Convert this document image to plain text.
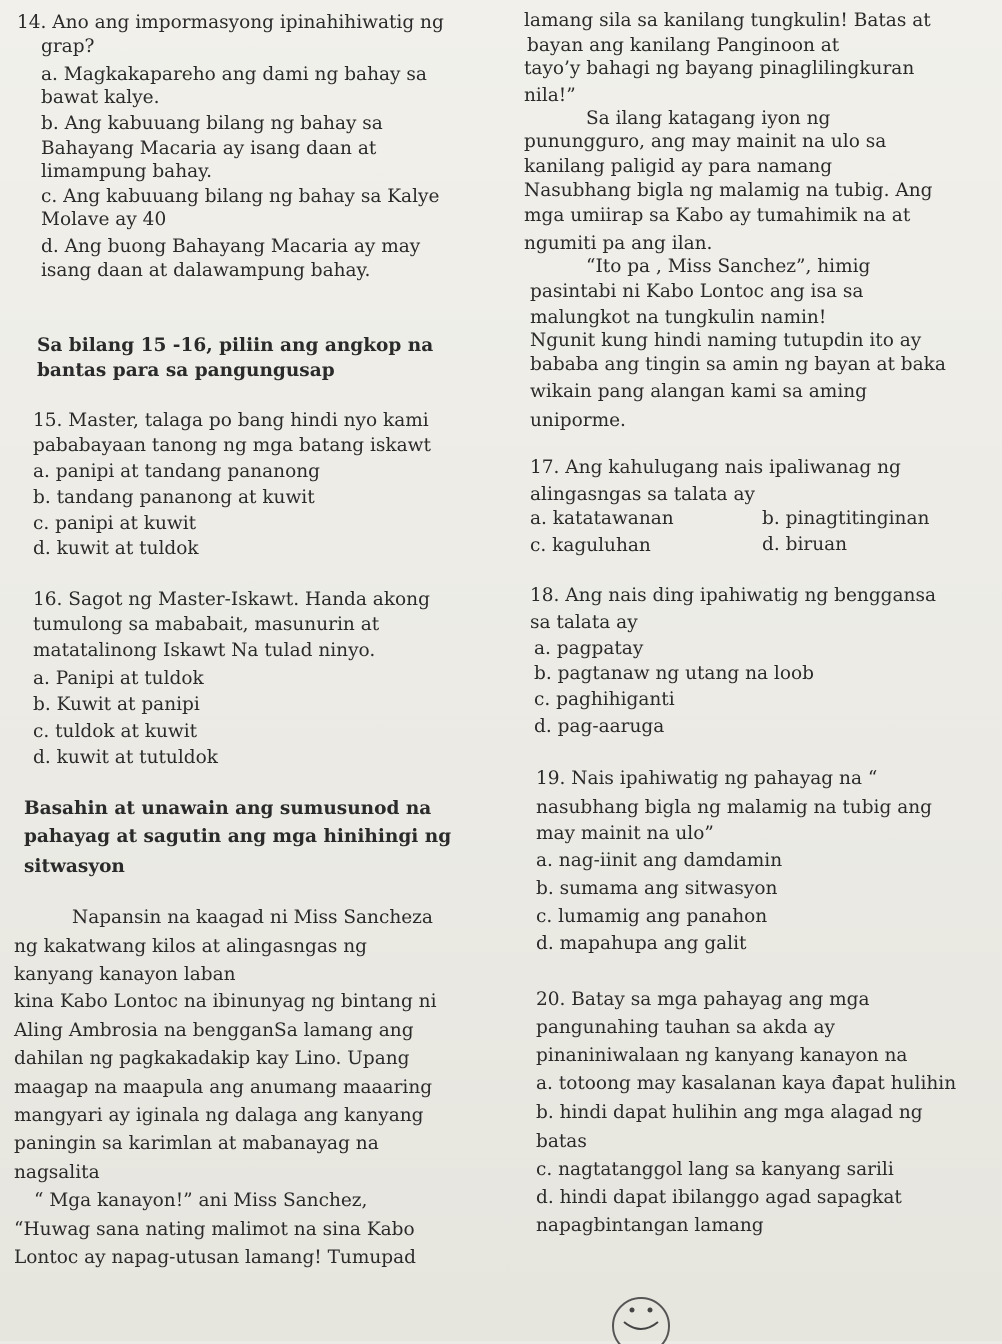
14. Ano ang impormasyong ipinahihiwatig ng
grap?
a. Magkakapareho ang dami ng bahay sa
bawat kalye.
b. Ang kabuuang bilang ng bahay sa
Bahayang Macaria ay isang daan at
limampung bahay.
c. Ang kabuuang bilang ng bahay sa Kalye
Molave ay 40
d. Ang buong Bahayang Macaria ay may
isang daan at dalawampung bahay.
Sa bilang 15 -16, piliin ang angkop na
bantas para sa pangungusap
15. Master, talaga po bang hindi nyo kami
pababayaan tanong ng mga batang iskawt
a. panipi at tandang pananong
b. tandang pananong at kuwit
c. panipi at kuwit
d. kuwit at tuldok
16. Sagot ng Master-Iskawt. Handa akong
tumulong sa mababait, masunurin at
matatalinong Iskawt Na tulad ninyo.
a. Panipi at tuldok
b. Kuwit at panipi
c. tuldok at kuwit
d. kuwit at tutuldok
Basahin at unawain ang sumusunod na
pahayag at sagutin ang mga hinihingi ng
sitwasyon
Napansin na kaagad ni Miss Sancheza
ng kakatwang kilos at alingasngas ng
kanyang kanayon laban
kina Kabo Lontoc na ibinunyag ng bintang ni
Aling Ambrosia na bengganSa lamang ang
dahilan ng pagkakadakip kay Lino. Upang
maagap na maapula ang anumang maaaring
mangyari ay iginala ng dalaga ang kanyang
paningin sa karimlan at mabanayag na
nagsalita
“ Mga kanayon!” ani Miss Sanchez,
“Huwag sana nating malimot na sina Kabo
Lontoc ay napag-utusan lamang! Tumupad
lamang sila sa kanilang tungkulin! Batas at
bayan ang kanilang Panginoon at
tayo’y bahagi ng bayang pinaglilingkuran
nila!”
Sa ilang katagang iyon ng
punungguro, ang may mainit na ulo sa
kanilang paligid ay para namang
Nasubhang bigla ng malamig na tubig. Ang
mga umiirap sa Kabo ay tumahimik na at
ngumiti pa ang ilan.
“Ito pa , Miss Sanchez”, himig
pasintabi ni Kabo Lontoc ang isa sa
malungkot na tungkulin namin!
Ngunit kung hindi naming tutupdin ito ay
bababa ang tingin sa amin ng bayan at baka
wikain pang alangan kami sa aming
uniporme.
17. Ang kahulugang nais ipaliwanag ng
alingasngas sa talata ay
a. katatawanan	b. pinagtitinginan
c. kaguluhan	d. biruan
18. Ang nais ding ipahiwatig ng benggansa
sa talata ay
a. pagpatay
b. pagtanaw ng utang na loob
c. paghihiganti
d. pag-aaruga
19. Nais ipahiwatig ng pahayag na “
nasubhang bigla ng malamig na tubig ang
may mainit na ulo”
a. nag-iinit ang damdamin
b. sumama ang sitwasyon
c. lumamig ang panahon
d. mapahupa ang galit
20. Batay sa mga pahayag ang mga
pangunahing tauhan sa akda ay
pinaniniwalaan ng kanyang kanayon na
a. totoong may kasalanan kaya đapat hulihin
b. hindi dapat hulihin ang mga alagad ng
batas
c. nagtatanggol lang sa kanyang sarili
d. hindi dapat ibilanggo agad sapagkat
napagbintangan lamang
